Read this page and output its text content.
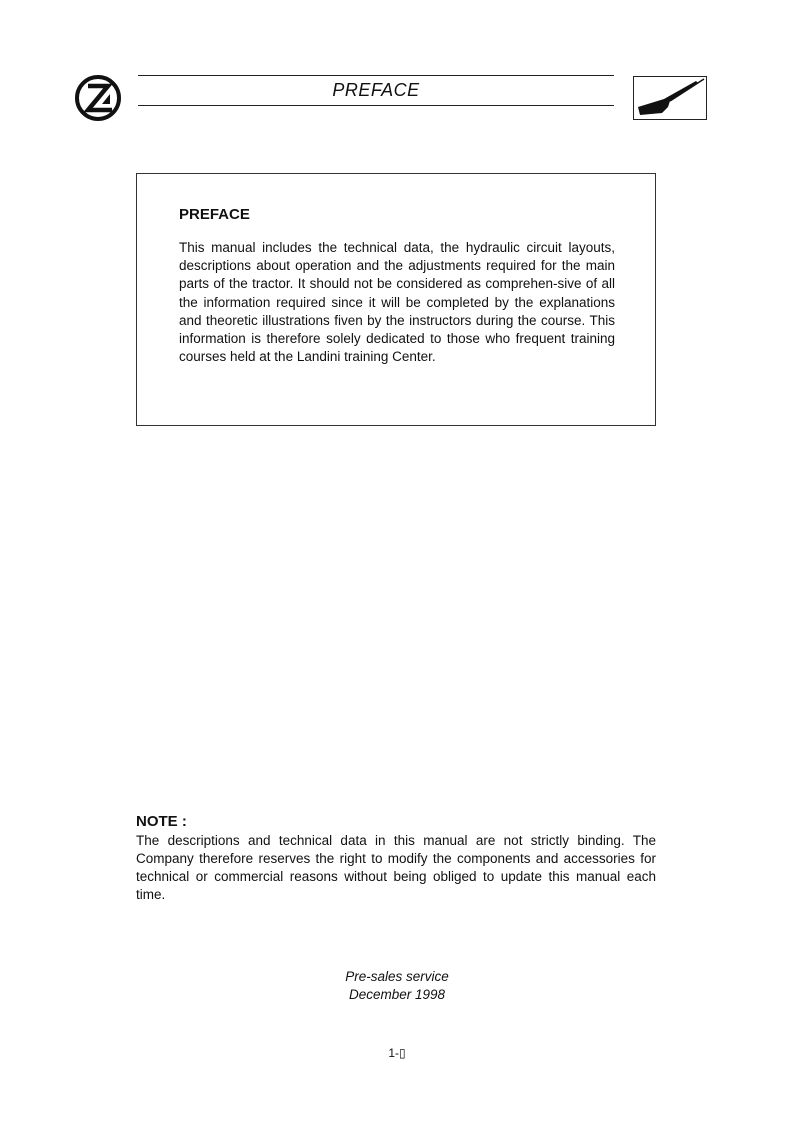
PREFACE
PREFACE

This manual includes the technical data, the hydraulic circuit layouts, descriptions about operation and the adjustments required for the main parts of the tractor. It should not be considered as comprehen-sive of all the information required since it will be completed by the explanations and theoretic illustrations fiven by the instructors during the course. This information is therefore solely dedicated to those who frequent training courses held at the Landini training Center.

NOTE :

The descriptions and technical data in this manual are not strictly binding. The Company therefore reserves the right to modify the components and accessories for technical or commercial reasons without being obliged to update this manual each time.

Pre-sales service
December 1998
1-▯
